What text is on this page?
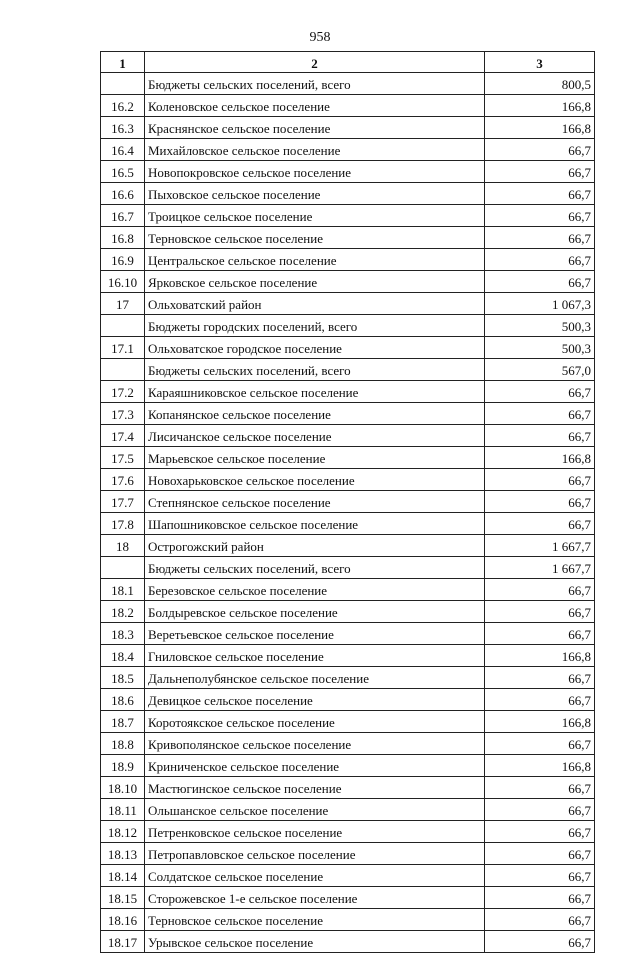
958
1	2	3
	Бюджеты сельских поселений, всего	800,5
16.2	Коленовское сельское поселение	166,8
16.3	Краснянское сельское поселение	166,8
16.4	Михайловское сельское поселение	66,7
16.5	Новопокровское сельское поселение	66,7
16.6	Пыховское сельское поселение	66,7
16.7	Троицкое сельское поселение	66,7
16.8	Терновское сельское поселение	66,7
16.9	Центральское сельское поселение	66,7
16.10	Ярковское сельское поселение	66,7
17	Ольховатский район	1 067,3
	Бюджеты городских поселений, всего	500,3
17.1	Ольховатское городское поселение	500,3
	Бюджеты сельских поселений, всего	567,0
17.2	Караяшниковское сельское поселение	66,7
17.3	Копанянское сельское поселение	66,7
17.4	Лисичанское сельское поселение	66,7
17.5	Марьевское сельское поселение	166,8
17.6	Новохарьковское сельское поселение	66,7
17.7	Степнянское сельское поселение	66,7
17.8	Шапошниковское сельское поселение	66,7
18	Острогожский район	1 667,7
	Бюджеты сельских поселений, всего	1 667,7
18.1	Березовское сельское поселение	66,7
18.2	Болдыревское сельское поселение	66,7
18.3	Веретьевское сельское поселение	66,7
18.4	Гниловское сельское поселение	166,8
18.5	Дальнеполубянское сельское поселение	66,7
18.6	Девицкое сельское поселение	66,7
18.7	Коротоякское сельское поселение	166,8
18.8	Кривополянское сельское поселение	66,7
18.9	Криниченское сельское поселение	166,8
18.10	Мастюгинское сельское поселение	66,7
18.11	Ольшанское сельское поселение	66,7
18.12	Петренковское сельское поселение	66,7
18.13	Петропавловское сельское поселение	66,7
18.14	Солдатское сельское поселение	66,7
18.15	Сторожевское 1-е сельское поселение	66,7
18.16	Терновское сельское поселение	66,7
18.17	Урывское сельское поселение	66,7
